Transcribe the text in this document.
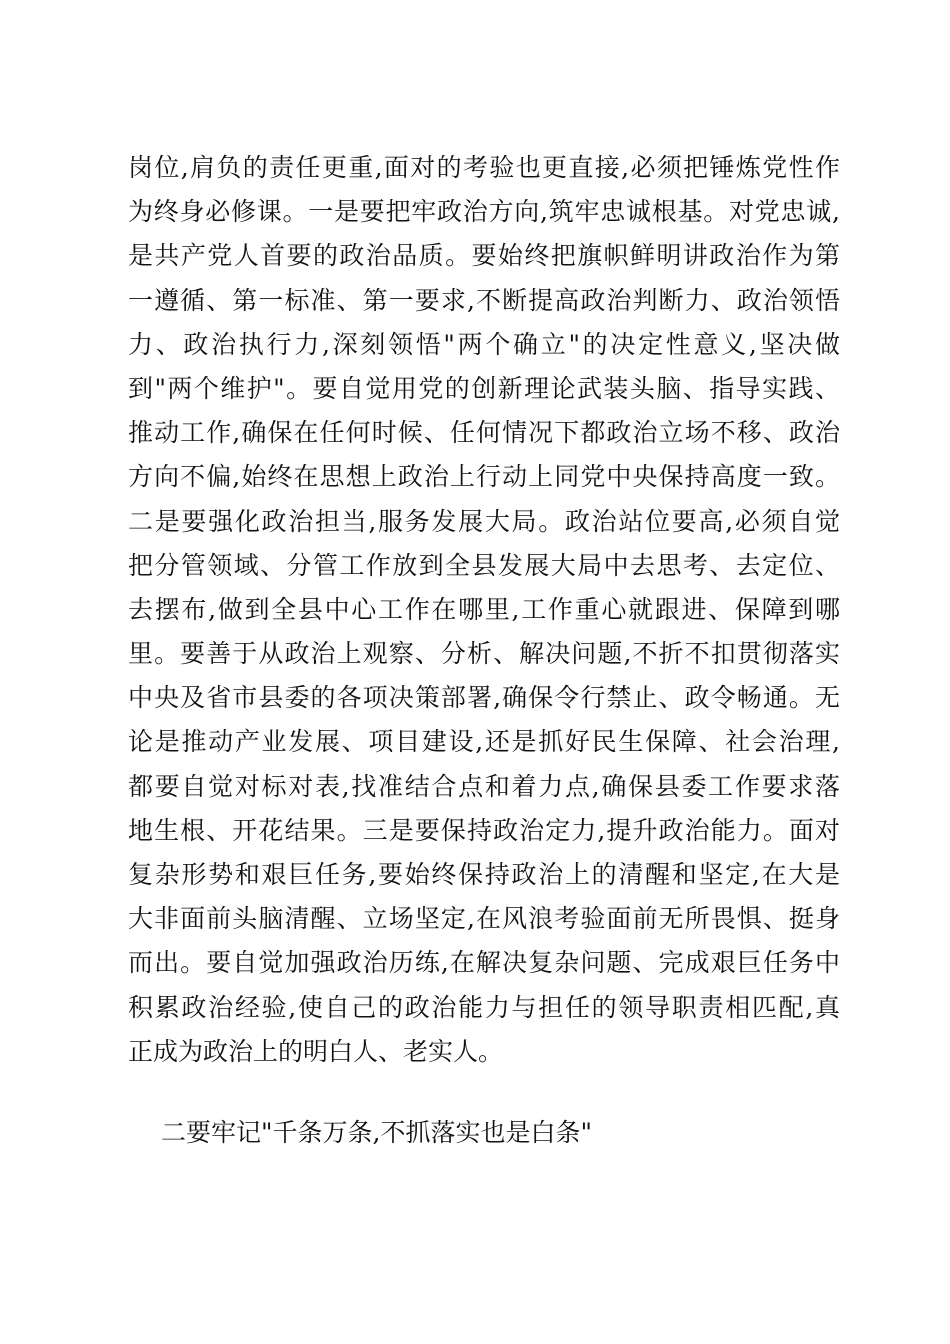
岗位,肩负的责任更重,面对的考验也更直接,必须把锤炼党性作
为终身必修课。一是要把牢政治方向,筑牢忠诚根基。对党忠诚,
是共产党人首要的政治品质。要始终把旗帜鲜明讲政治作为第
一遵循、第一标准、第一要求,不断提高政治判断力、政治领悟
力、政治执行力,深刻领悟"两个确立"的决定性意义,坚决做
到"两个维护"。要自觉用党的创新理论武装头脑、指导实践、
推动工作,确保在任何时候、任何情况下都政治立场不移、政治
方向不偏,始终在思想上政治上行动上同党中央保持高度一致。
二是要强化政治担当,服务发展大局。政治站位要高,必须自觉
把分管领域、分管工作放到全县发展大局中去思考、去定位、
去摆布,做到全县中心工作在哪里,工作重心就跟进、保障到哪
里。要善于从政治上观察、分析、解决问题,不折不扣贯彻落实
中央及省市县委的各项决策部署,确保令行禁止、政令畅通。无
论是推动产业发展、项目建设,还是抓好民生保障、社会治理,
都要自觉对标对表,找准结合点和着力点,确保县委工作要求落
地生根、开花结果。三是要保持政治定力,提升政治能力。面对
复杂形势和艰巨任务,要始终保持政治上的清醒和坚定,在大是
大非面前头脑清醒、立场坚定,在风浪考验面前无所畏惧、挺身
而出。要自觉加强政治历练,在解决复杂问题、完成艰巨任务中
积累政治经验,使自己的政治能力与担任的领导职责相匹配,真
正成为政治上的明白人、老实人。

二要牢记"千条万条,不抓落实也是白条"
